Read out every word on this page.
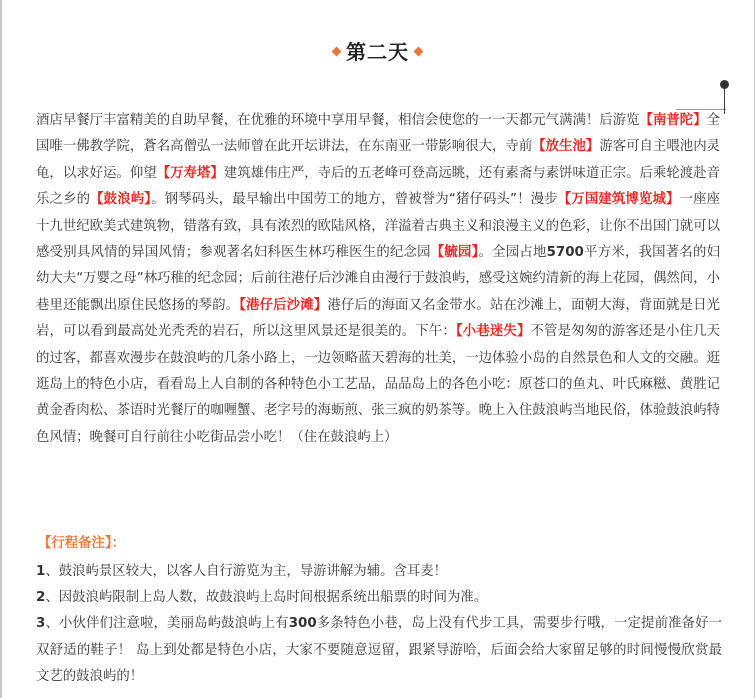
第二天
酒店早餐厅丰富精美的自助早餐，在优雅的环境中享用早餐，相信会使您的一一天都元气满满！后游览【南普陀】全国唯一佛教学院，蒼名高僧弘一法师曾在此开坛讲法，在东南亚一带影响很大，寺前【放生池】游客可自主喂池内灵龟，以求好运。仰望【万寿塔】建筑雄伟庄严，寺后的五老峰可登高远眺，还有素斋与素饼味道正宗。后乘轮渡赴音乐之乡的【鼓浪屿】。钢琴码头，最早输出中国劳工的地方，曾被誉为“猪仔码头”！漫步【万国建筑博览城】一座座十九世纪欧美式建筑物，错落有致，具有浓烈的欧陆风格，洋溢着古典主义和浪漫主义的色彩，让你不出国门就可以感受别具风情的异国风情；参观著名妇科医生林巧稚医生的纪念园【毓园】。全园占地5700平方米，我国著名的妇幼大夫“万婴之母”林巧稚的纪念园；后前往港仔后沙滩自由漫行于鼓浪屿，感受这婉约清新的海上花园，偶然间，小巷里还能飘出原住民悠扬的琴韵。【港仔后沙滩】港仔后的海面又名金带水。站在沙滩上，面朝大海，背面就是日光岩，可以看到最高处光秃秃的岩石，所以这里风景还是很美的。下午：【小巷迷失】不管是匆匆的游客还是小住几天的过客，都喜欢漫步在鼓浪屿的几条小路上，一边领略蓝天碧海的壮美，一边体验小岛的自然景色和人文的交融。逛逛岛上的特色小店，看看岛上人自制的各种特色小工艺品，品品岛上的各色小吃：原苍口的鱼丸、叶氏麻糍、黄胜记黄金香肉松、茶语时光餐厅的咖喱蟹、老字号的海蛎煎、张三疯的奶茶等。晚上入住鼓浪屿当地民俗，体验鼓浪屿特色风情；晚餐可自行前往小吃街品尝小吃！（住在鼓浪屿上）
【行程备注】：

1、鼓浪屿景区较大，以客人自行游览为主，导游讲解为辅。含耳麦！

2、因鼓浪屿限制上岛人数，故鼓浪屿上岛时间根据系统出船票的时间为准。

3、小伙伴们注意啦，美丽岛屿鼓浪屿上有300多条特色小巷，岛上没有代步工具，需要步行哦，一定提前准备好一双舒适的鞋子！ 岛上到处都是特色小店，大家不要随意逗留，跟紧导游哈，后面会给大家留足够的时间慢慢欣赏最文艺的鼓浪屿的！
